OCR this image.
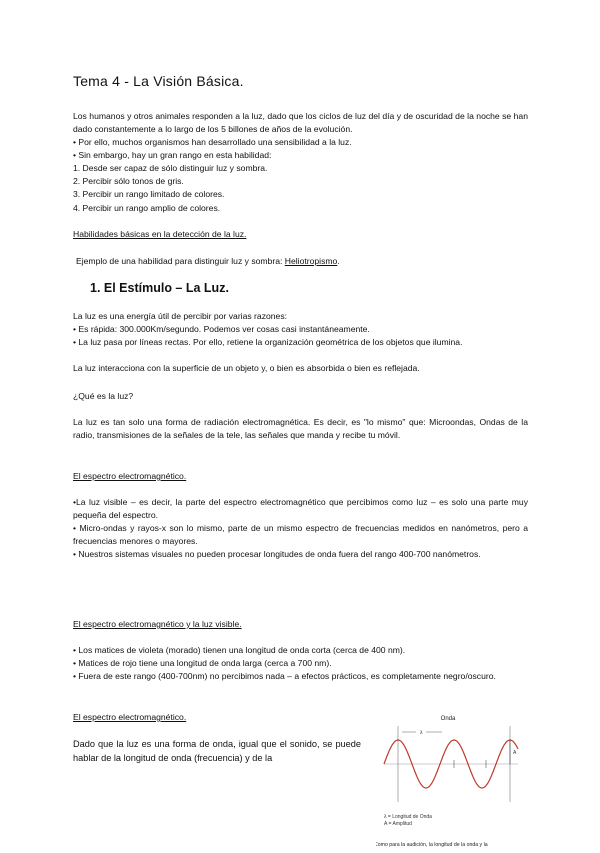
Tema 4 - La Visión Básica.
Los humanos y otros animales responden a la luz, dado que los ciclos de luz del día y de oscuridad de la noche se han dado constantemente a lo largo de los 5 billones de años de la evolución.
• Por ello, muchos organismos han desarrollado una sensibilidad a la luz.
• Sin embargo, hay un gran rango en esta habilidad:
1. Desde ser capaz de sólo distinguir luz y sombra.
2. Percibir sólo tonos de gris.
3. Percibir un rango limitado de colores.
4. Percibir un rango amplio de colores.
Habilidades básicas en la detección de la luz.
Ejemplo de una habilidad para distinguir luz y sombra: Heliotropismo.
1. El Estímulo – La Luz.
La luz es una energía útil de percibir por varias razones:
• Es rápida: 300.000Km/segundo. Podemos ver cosas casi instantáneamente.
• La luz pasa por líneas rectas. Por ello, retiene la organización geométrica de los objetos que ilumina.
La luz interacciona con la superficie de un objeto y, o bien es absorbida o bien es reflejada.
¿Qué es la luz?
La luz es tan solo una forma de radiación electromagnética. Es decir, es "lo mismo" que: Microondas, Ondas de la radio, transmisiones de la señales de la tele, las señales que manda y recibe tu móvil.
El espectro electromagnético.
•La luz visible – es decir, la parte del espectro electromagnético que percibimos como luz – es solo una parte muy pequeña del espectro.
• Micro-ondas y rayos-x son lo mismo, parte de un mismo espectro de frecuencias medidos en nanómetros, pero a frecuencias menores o mayores.
• Nuestros sistemas visuales no pueden procesar longitudes de onda fuera del rango 400-700 nanómetros.
El espectro electromagnético y la luz visible.
• Los matices de violeta (morado) tienen una longitud de onda corta (cerca de 400 nm).
• Matices de rojo tiene una longitud de onda larga (cerca a 700 nm).
• Fuera de este rango (400-700nm) no percibimos nada – a efectos prácticos, es completamente negro/oscuro.
El espectro electromagnético.
Dado que la luz es una forma de onda, igual que el sonido, se puede hablar de la longitud de onda (frecuencia) y de la
Onda
A
λ
λ = Longitud de Onda
A = Amplitud
Como para la audición, la longitud de la onda y la
